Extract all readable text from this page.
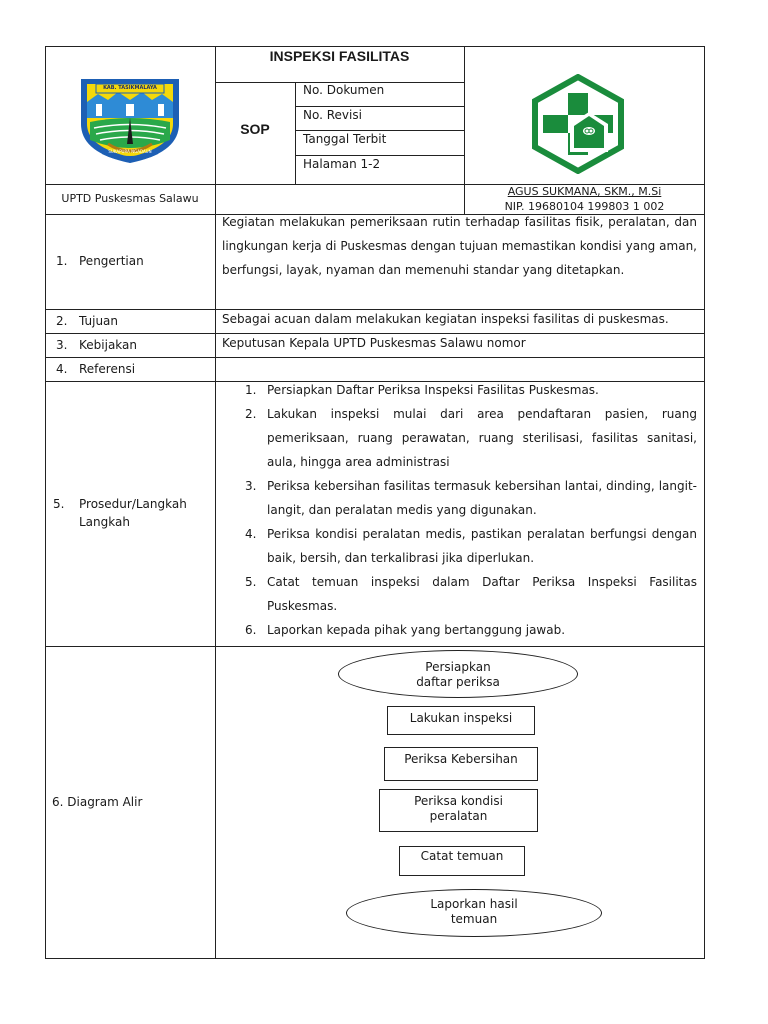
KAB. TASIKMALAYA
SUKAPURA NGADAUN
INSPEKSI FASILITAS
SOP
No. Dokumen
No. Revisi
Tanggal Terbit
Halaman 1-2
UPTD Puskesmas Salawu
AGUS SUKMANA, SKM., M.Si
NIP. 19680104 199803 1 002
1. Pengertian
Kegiatan melakukan pemeriksaan rutin terhadap fasilitas fisik, peralatan, dan lingkungan kerja di Puskesmas dengan tujuan memastikan kondisi yang aman, berfungsi, layak, nyaman dan memenuhi standar yang ditetapkan.
2. Tujuan	Sebagai acuan dalam melakukan kegiatan inspeksi fasilitas di puskesmas.
3. Kebijakan	Keputusan Kepala UPTD Puskesmas Salawu nomor
4. Referensi
5. Prosedur/Langkah
Langkah
1. Persiapkan Daftar Periksa Inspeksi Fasilitas Puskesmas.
2. Lakukan inspeksi mulai dari area pendaftaran pasien, ruang pemeriksaan, ruang perawatan, ruang sterilisasi, fasilitas sanitasi, aula, hingga area administrasi
3. Periksa kebersihan fasilitas termasuk kebersihan lantai, dinding, langit-langit, dan peralatan medis yang digunakan.
4. Periksa kondisi peralatan medis, pastikan peralatan berfungsi dengan baik, bersih, dan terkalibrasi jika diperlukan.
5. Catat temuan inspeksi dalam Daftar Periksa Inspeksi Fasilitas Puskesmas.
6. Laporkan kepada pihak yang bertanggung jawab.
6. Diagram Alir
Persiapkan
daftar periksa
Lakukan inspeksi
Periksa Kebersihan
Periksa kondisi
peralatan
Catat temuan
Laporkan hasil
temuan
